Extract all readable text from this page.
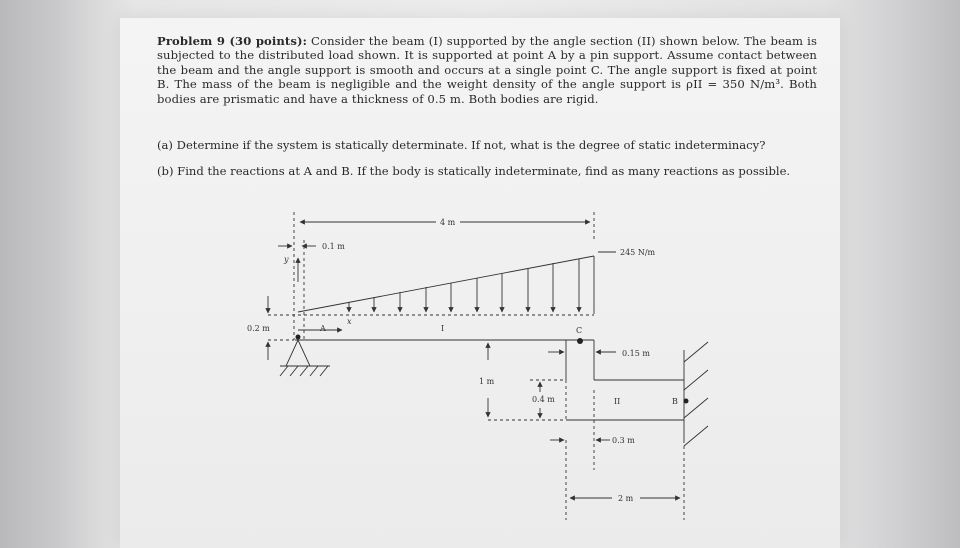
Problem 9 (30 points): Consider the beam (I) supported by the angle section (II) shown below. The beam is subjected to the distributed load shown. It is supported at point A by a pin support. Assume contact between the beam and the angle support is smooth and occurs at a single point C. The angle support is fixed at point B. The mass of the beam is negligible and the weight density of the angle support is ρII = 350 N/m³. Both bodies are prismatic and have a thickness of 0.5 m. Both bodies are rigid.

(a) Determine if the system is statically determinate. If not, what is the degree of static indeterminacy?

(b) Find the reactions at A and B. If the body is statically indeterminate, find as many reactions as possible.

4 m
0.1 m
245 N/m
y
x
0.2 m	A	I	C
0.15 m
1 m
0.4 m	II	B
0.3 m
2 m
